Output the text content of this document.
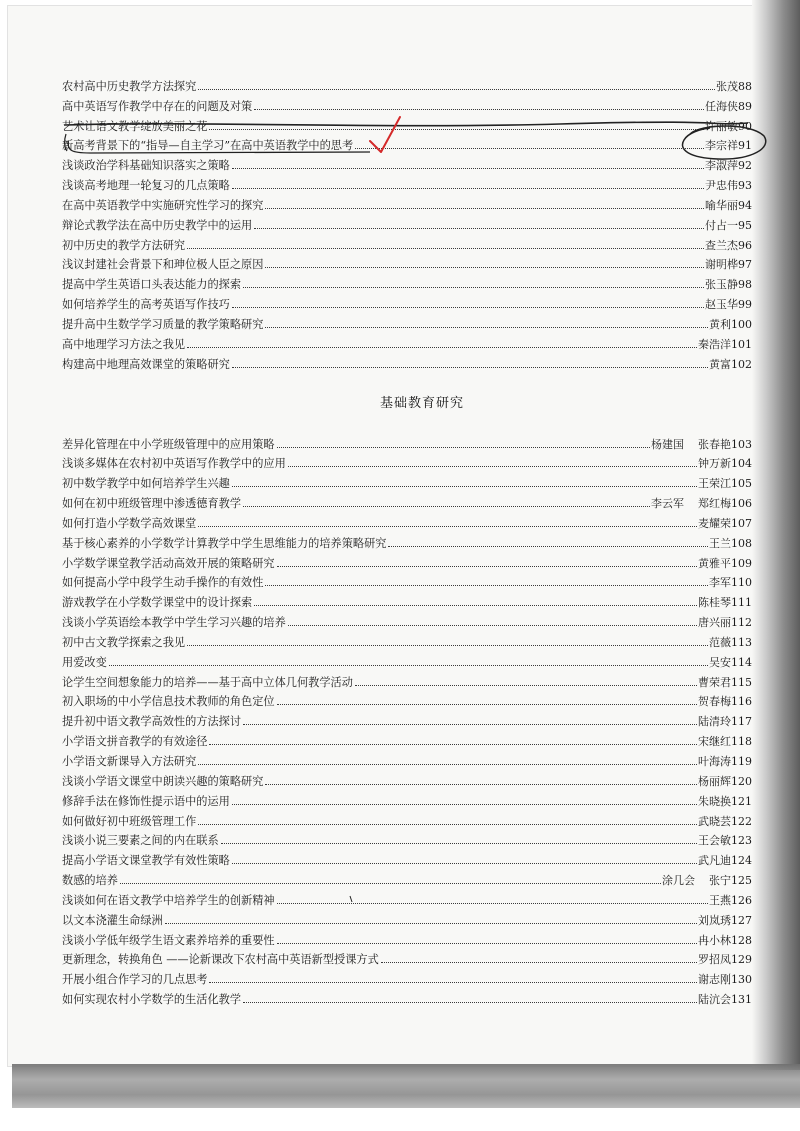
农村高中历史教学方法探究	张茂88
高中英语写作教学中存在的问题及对策	任海侠89
艺术让语文教学绽放美丽之花	许丽敏90
新高考背景下的“指导—自主学习”在高中英语教学中的思考	李宗祥91
浅谈政治学科基础知识落实之策略	李淑萍92
浅谈高考地理一轮复习的几点策略	尹忠伟93
在高中英语教学中实施研究性学习的探究	喻华丽94
辩论式教学法在高中历史教学中的运用	付占一95
初中历史的教学方法研究	查兰杰96
浅议封建社会背景下和珅位极人臣之原因	谢明桦97
提高中学生英语口头表达能力的探索	张玉静98
如何培养学生的高考英语写作技巧	赵玉华99
提升高中生数学学习质量的教学策略研究	黄利100
高中地理学习方法之我见	秦浩洋101
构建高中地理高效课堂的策略研究	黄富102
基础教育研究
差异化管理在中小学班级管理中的应用策略	杨建国	张春艳103
浅谈多媒体在农村初中英语写作教学中的应用	钟万新104
初中数学教学中如何培养学生兴趣	王荣江105
如何在初中班级管理中渗透德育教学	李云军	郑红梅106
如何打造小学数学高效课堂	麦耀荣107
基于核心素养的小学数学计算教学中学生思维能力的培养策略研究	王兰108
小学数学课堂教学活动高效开展的策略研究	黄雅平109
如何提高小学中段学生动手操作的有效性	李军110
游戏教学在小学数学课堂中的设计探索	陈桂琴111
浅谈小学英语绘本教学中学生学习兴趣的培养	唐兴丽112
初中古文教学探索之我见	范薇113
用爱改变	吴安114
论学生空间想象能力的培养——基于高中立体几何教学活动	曹荣君115
初入职场的中小学信息技术教师的角色定位	贺春梅116
提升初中语文教学高效性的方法探讨	陆清玲117
小学语文拼音教学的有效途径	宋继红118
小学语文新课导入方法研究	叶海涛119
浅谈小学语文课堂中朗读兴趣的策略研究	杨丽辉120
修辞手法在修饰性提示语中的运用	朱晓换121
如何做好初中班级管理工作	武晓芸122
浅谈小说三要素之间的内在联系	王会敏123
提高小学语文课堂教学有效性策略	武凡迪124
数感的培养	涂几会	张宁125
浅谈如何在语文教学中培养学生的创新精神	王燕126
以文本浇灌生命绿洲	刘岚琇127
浅谈小学低年级学生语文素养培养的重要性	冉小林128
更新理念，转换角色 ——论新课改下农村高中英语新型授课方式	罗招凤129
开展小组合作学习的几点思考	谢志刚130
如何实现农村小学数学的生活化教学	陆沆会131
